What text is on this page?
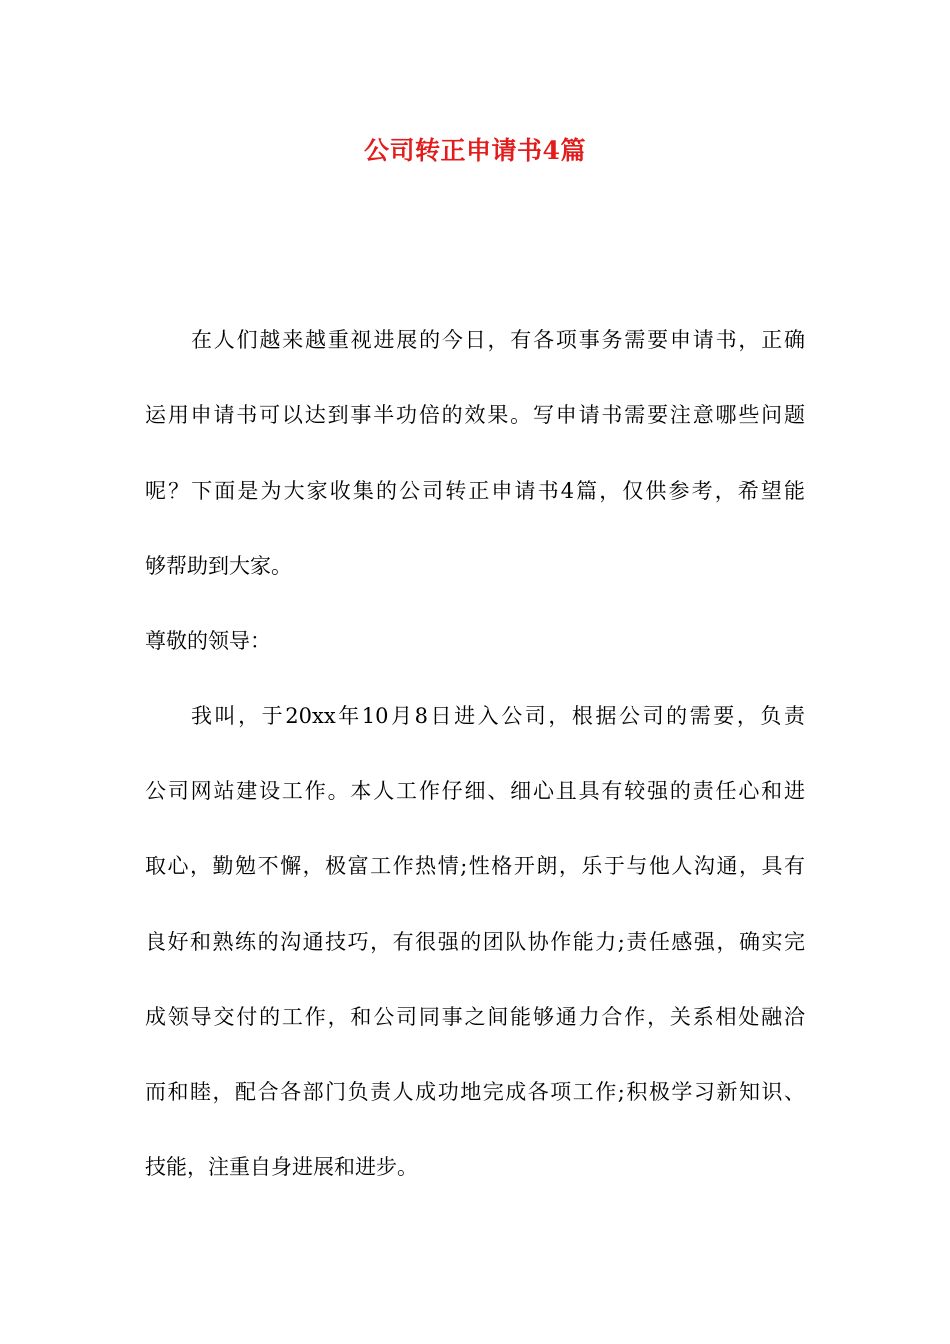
公司转正申请书4篇
在人们越来越重视进展的今日，有各项事务需要申请书，正确
运用申请书可以达到事半功倍的效果。写申请书需要注意哪些问题
呢？下面是为大家收集的公司转正申请书4篇，仅供参考，希望能
够帮助到大家。
尊敬的领导：
我叫，于20xx年10月8日进入公司，根据公司的需要，负责
公司网站建设工作。本人工作仔细、细心且具有较强的责任心和进
取心，勤勉不懈，极富工作热情;性格开朗，乐于与他人沟通，具有
良好和熟练的沟通技巧，有很强的团队协作能力;责任感强，确实完
成领导交付的工作，和公司同事之间能够通力合作，关系相处融洽
而和睦，配合各部门负责人成功地完成各项工作;积极学习新知识、
技能，注重自身进展和进步。
